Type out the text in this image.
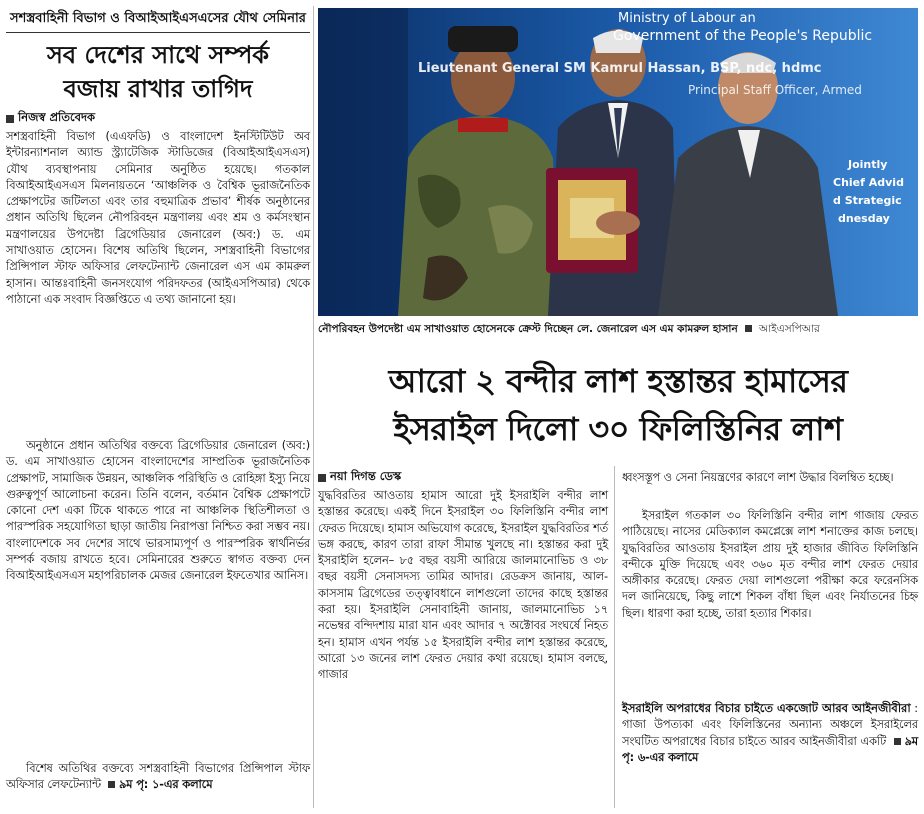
সশস্ত্রবাহিনী বিভাগ ও বিআইআইএসএসের যৌথ সেমিনার
সব দেশের সাথে সম্পর্ক
বজায় রাখার তাগিদ
নিজস্ব প্রতিবেদক

সশস্ত্রবাহিনী বিভাগ (এএফডি) ও বাংলাদেশ ইনস্টিটিউট অব ইন্টারন্যাশনাল অ্যান্ড স্ট্র্যাটেজিক স্টাডিজের (বিআইআইএসএস) যৌথ ব্যবস্থাপনায় সেমিনার অনুষ্ঠিত হয়েছে। গতকাল বিআইআইএসএস মিলনায়তনে ‘আঞ্চলিক ও বৈশ্বিক ভূরাজনৈতিক প্রেক্ষাপটের জটিলতা এবং তার বহুমাত্রিক প্রভাব’ শীর্ষক অনুষ্ঠানের প্রধান অতিথি ছিলেন নৌপরিবহন মন্ত্রণালয় এবং শ্রম ও কর্মসংস্থান মন্ত্রণালয়ের উপদেষ্টা ব্রিগেডিয়ার জেনারেল (অব:) ড. এম সাখাওয়াত হোসেন। বিশেষ অতিথি ছিলেন, সশস্ত্রবাহিনী বিভাগের প্রিন্সিপাল স্টাফ অফিসার লেফটেন্যান্ট জেনারেল এস এম কামরুল হাসান। আন্তঃবাহিনী জনসংযোগ পরিদফতর (আইএসপিআর) থেকে পাঠানো এক সংবাদ বিজ্ঞপ্তিতে এ তথ্য জানানো হয়।

অনুষ্ঠানে প্রধান অতিথির বক্তব্যে ব্রিগেডিয়ার জেনারেল (অব:) ড. এম সাখাওয়াত হোসেন বাংলাদেশের সাম্প্রতিক ভূরাজনৈতিক প্রেক্ষাপট, সামাজিক উন্নয়ন, আঞ্চলিক পরিস্থিতি ও রোহিঙ্গা ইস্যু নিয়ে গুরুত্বপূর্ণ আলোচনা করেন। তিনি বলেন, বর্তমান বৈশ্বিক প্রেক্ষাপটে কোনো দেশ একা টিকে থাকতে পারে না আঞ্চলিক স্থিতিশীলতা ও পারস্পরিক সহযোগিতা ছাড়া জাতীয় নিরাপত্তা নিশ্চিত করা সম্ভব নয়। বাংলাদেশকে সব দেশের সাথে ভারসাম্যপূর্ণ ও পারস্পরিক স্বার্থনির্ভর সম্পর্ক বজায় রাখতে হবে। সেমিনারের শুরুতে স্বাগত বক্তব্য দেন বিআইআইএসএস মহাপরিচালক মেজর জেনারেল ইফতেখার আনিস।

বিশেষ অতিথির বক্তব্যে সশস্ত্রবাহিনী বিভাগের প্রিন্সিপাল স্টাফ অফিসার লেফটেন্যান্ট ৯ম পৃ: ১-এর কলামে

Ministry of Labour an
Government of the People's Republic
Lieutenant General SM Kamrul Hassan, BSP, ndc, hdmc
Principal Staff Officer, Armed
Jointly
Chief Advid
d Strategic
dnesday
নৌপরিবহন উপদেষ্টা এম সাখাওয়াত হোসেনকে ক্রেস্ট দিচ্ছেন লে. জেনারেল এস এম কামরুল হাসান আইএসপিআর
আরো ২ বন্দীর লাশ হস্তান্তর হামাসের
ইসরাইল দিলো ৩০ ফিলিস্তিনির লাশ
নয়া দিগন্ত ডেস্ক

যুদ্ধবিরতির আওতায় হামাস আরো দুই ইসরাইলি বন্দীর লাশ হস্তান্তর করেছে। একই দিনে ইসরাইল ৩০ ফিলিস্তিনি বন্দীর লাশ ফেরত দিয়েছে। হামাস অভিযোগ করেছে, ইসরাইল যুদ্ধবিরতির শর্ত ভঙ্গ করছে, কারণ তারা রাফা সীমান্ত খুলছে না। হস্তান্তর করা দুই ইসরাইলি হলেন– ৮৫ বছর বয়সী আরিয়ে জালমানোভিচ ও ৩৮ বছর বয়সী সেনাসদস্য তামির আদার। রেডক্রস জানায়, আল-কাসসাম ব্রিগেডের তত্ত্বাবধানে লাশগুলো তাদের কাছে হস্তান্তর করা হয়। ইসরাইলি সেনাবাহিনী জানায়, জালমানোভিচ ১৭ নভেম্বর বন্দিদশায় মারা যান এবং আদার ৭ অক্টোবর সংঘর্ষে নিহত হন। হামাস এখন পর্যন্ত ১৫ ইসরাইলি বন্দীর লাশ হস্তান্তর করেছে, আরো ১৩ জনের লাশ ফেরত দেয়ার কথা রয়েছে। হামাস বলছে, গাজার

ধ্বংসস্তূপ ও সেনা নিয়ন্ত্রণের কারণে লাশ উদ্ধার বিলম্বিত হচ্ছে।

ইসরাইল গতকাল ৩০ ফিলিস্তিনি বন্দীর লাশ গাজায় ফেরত পাঠিয়েছে। নাসের মেডিক্যাল কমপ্লেক্সে লাশ শনাক্তের কাজ চলছে। যুদ্ধবিরতির আওতায় ইসরাইল প্রায় দুই হাজার জীবিত ফিলিস্তিনি বন্দীকে মুক্তি দিয়েছে এবং ৩৬০ মৃত বন্দীর লাশ ফেরত দেয়ার অঙ্গীকার করেছে। ফেরত দেয়া লাশগুলো পরীক্ষা করে ফরেনসিক দল জানিয়েছে, কিছু লাশে শিকল বাঁধা ছিল এবং নির্যাতনের চিহ্ন ছিল। ধারণা করা হচ্ছে, তারা হত্যার শিকার।

ইসরাইলি অপরাধের বিচার চাইতে একজোট আরব আইনজীবীরা : গাজা উপত্যকা এবং ফিলিস্তিনের অন্যান্য অঞ্চলে ইসরাইলের সংঘটিত অপরাধের বিচার চাইতে আরব আইনজীবীরা একটি ৯ম পৃ: ৬-এর কলামে
